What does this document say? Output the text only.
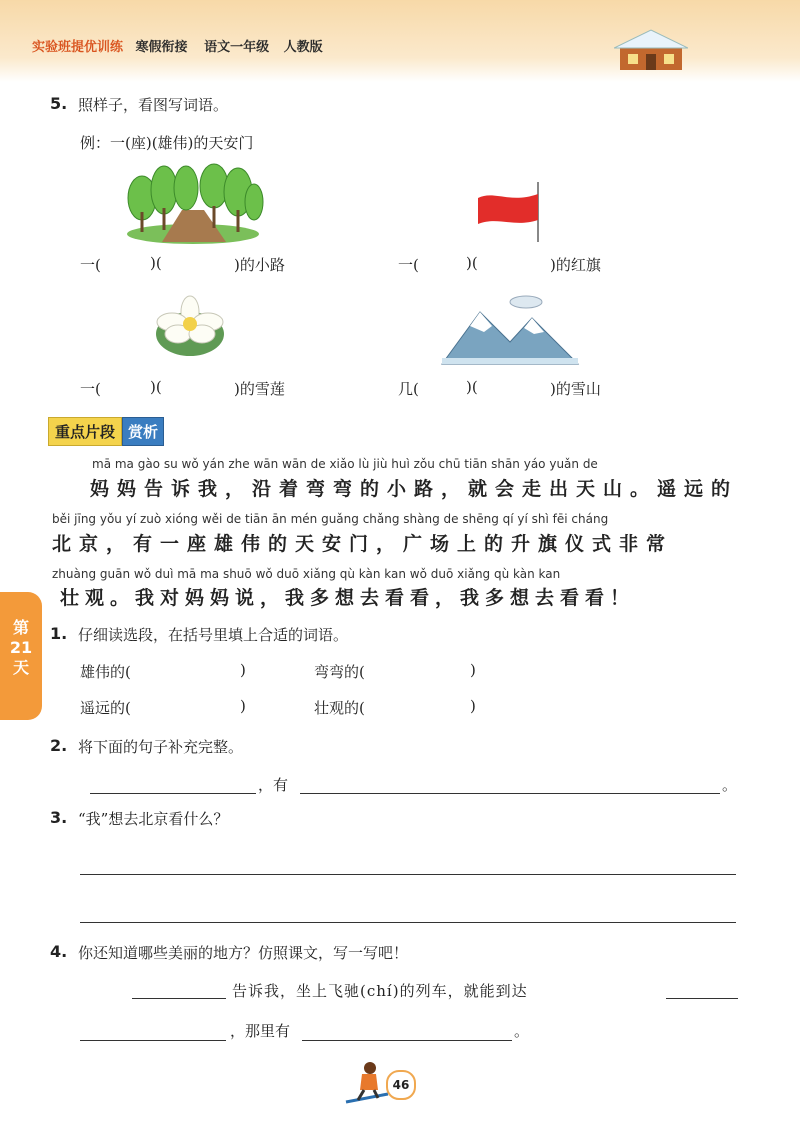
实验班提优训练 寒假衔接 语文一年级 人教版
5. 照样子，看图写词语。
例：一(座)(雄伟)的天安门
一(	)(	)的小路	一(	)(	)的红旗
一(	)(	)的雪莲	几(	)(	)的雪山
重点片段 赏析
mā ma gào su wǒ yán zhe wān wān de xiǎo lù jiù huì zǒu chū tiān shān yáo yuǎn de
妈妈告诉我，沿着弯弯的小路，就会走出天山。遥远的
běi jīng yǒu yí zuò xióng wěi de tiān ān mén guǎng chǎng shàng de shēng qí yí shì fēi cháng
北京，有一座雄伟的天安门，广场上的升旗仪式非常
zhuàng guān wǒ duì mā ma shuō wǒ duō xiǎng qù kàn kan wǒ duō xiǎng qù kàn kan
壮观。我对妈妈说，我多想去看看，我多想去看看！
第
21
天
1. 仔细读选段，在括号里填上合适的词语。
雄伟的(	)	弯弯的(	)
遥远的(	)	壮观的(	)
2. 将下面的句子补充完整。
，有	。
3. “我”想去北京看什么？
4. 你还知道哪些美丽的地方？仿照课文，写一写吧！
告诉我，坐上飞驰(chí)的列车，就能到达
，那里有	。
46
